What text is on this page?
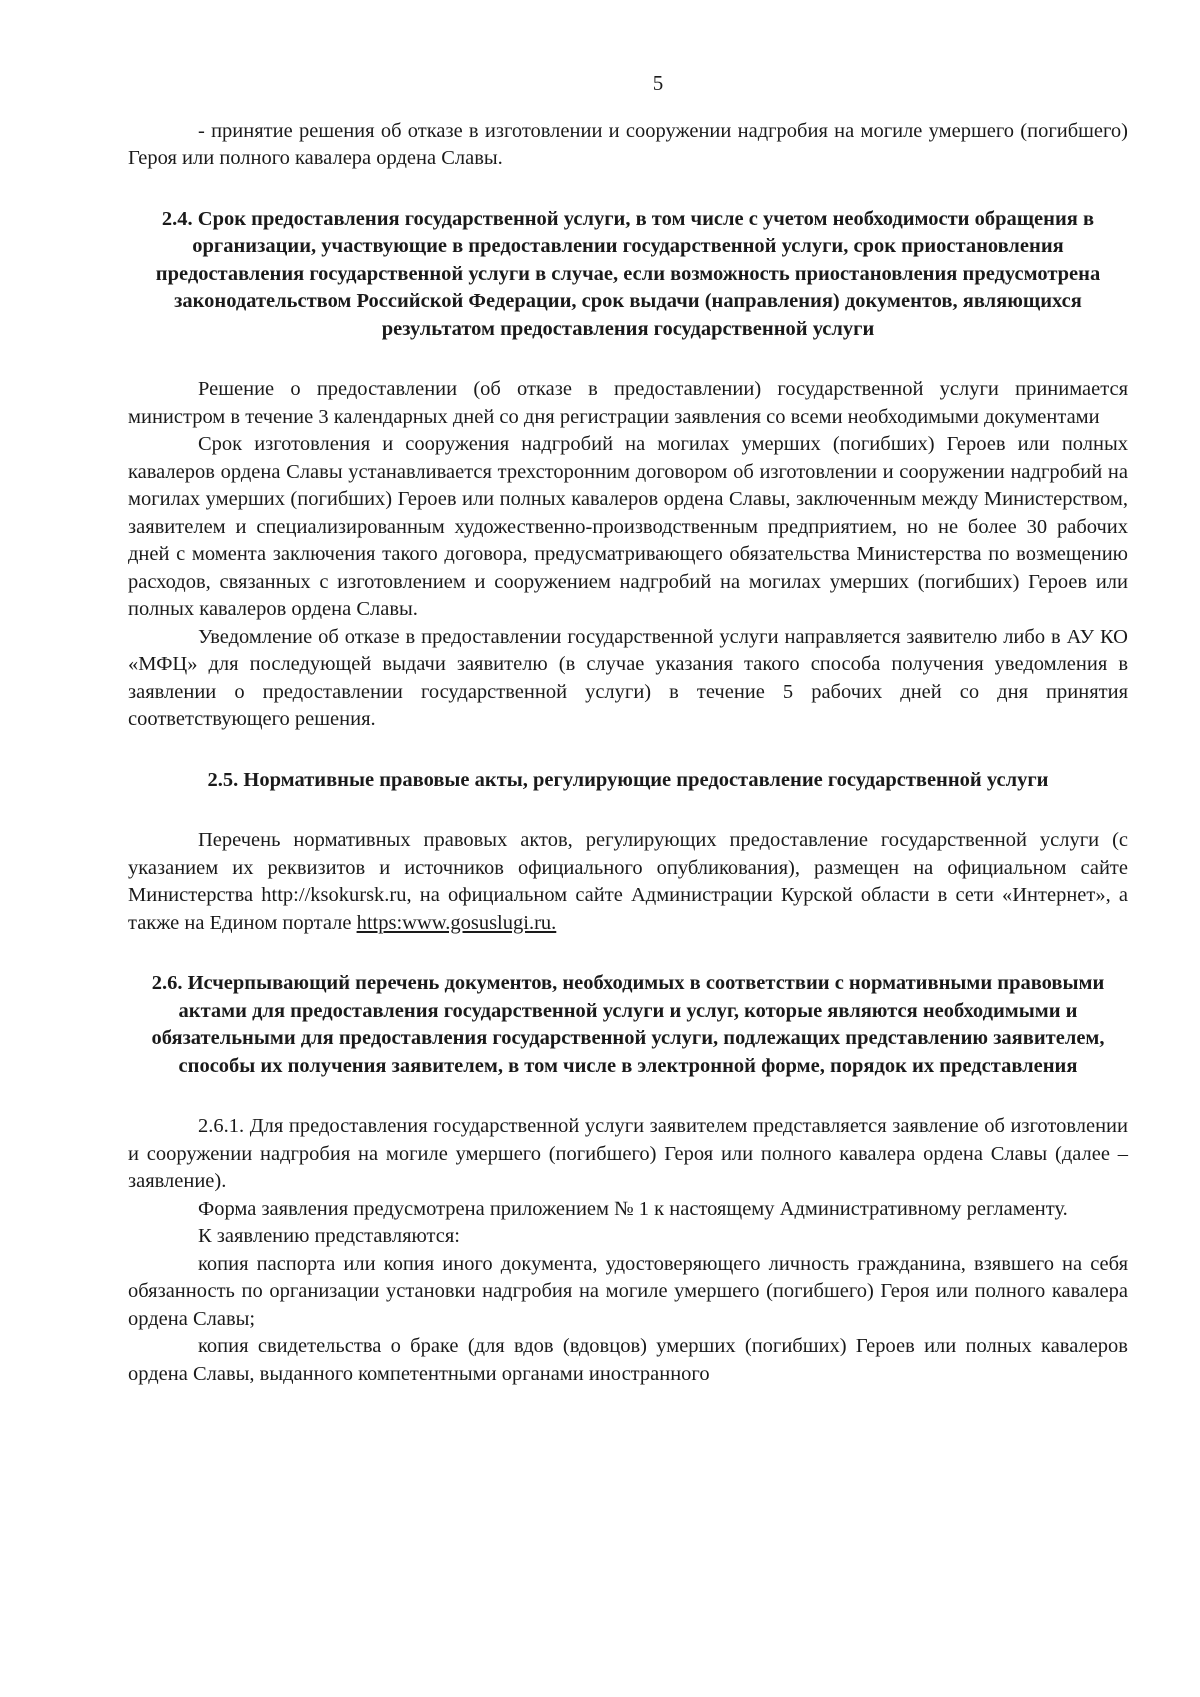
5

- принятие решения об отказе в изготовлении и сооружении надгробия на могиле умершего (погибшего) Героя или полного кавалера ордена Славы.

2.4. Срок предоставления государственной услуги, в том числе с учетом необходимости обращения в организации, участвующие в предоставлении государственной услуги, срок приостановления предоставления государственной услуги в случае, если возможность приостановления предусмотрена законодательством Российской Федерации, срок выдачи (направления) документов, являющихся результатом предоставления государственной услуги

Решение о предоставлении (об отказе в предоставлении) государственной услуги принимается министром в течение 3 календарных дней со дня регистрации заявления со всеми необходимыми документами

Срок изготовления и сооружения надгробий на могилах умерших (погибших) Героев или полных кавалеров ордена Славы устанавливается трехсторонним договором об изготовлении и сооружении надгробий на могилах умерших (погибших) Героев или полных кавалеров ордена Славы, заключенным между Министерством, заявителем и специализированным художественно-производственным предприятием, но не более 30 рабочих дней с момента заключения такого договора, предусматривающего обязательства Министерства по возмещению расходов, связанных с изготовлением и сооружением надгробий на могилах умерших (погибших) Героев или полных кавалеров ордена Славы.

Уведомление об отказе в предоставлении государственной услуги направляется заявителю либо в АУ КО «МФЦ» для последующей выдачи заявителю (в случае указания такого способа получения уведомления в заявлении о предоставлении государственной услуги) в течение 5 рабочих дней со дня принятия соответствующего решения.

2.5. Нормативные правовые акты, регулирующие предоставление государственной услуги

Перечень нормативных правовых актов, регулирующих предоставление государственной услуги (с указанием их реквизитов и источников официального опубликования), размещен на официальном сайте Министерства http://ksokursk.ru, на официальном сайте Администрации Курской области в сети «Интернет», а также на Едином портале https:www.gosuslugi.ru.

2.6. Исчерпывающий перечень документов, необходимых в соответствии с нормативными правовыми актами для предоставления государственной услуги и услуг, которые являются необходимыми и обязательными для предоставления государственной услуги, подлежащих представлению заявителем, способы их получения заявителем, в том числе в электронной форме, порядок их представления

2.6.1. Для предоставления государственной услуги заявителем представляется заявление об изготовлении и сооружении надгробия на могиле умершего (погибшего) Героя или полного кавалера ордена Славы (далее – заявление).

Форма заявления предусмотрена приложением № 1 к настоящему Административному регламенту.

К заявлению представляются:

копия паспорта или копия иного документа, удостоверяющего личность гражданина, взявшего на себя обязанность по организации установки надгробия на могиле умершего (погибшего) Героя или полного кавалера ордена Славы;

копия свидетельства о браке (для вдов (вдовцов) умерших (погибших) Героев или полных кавалеров ордена Славы, выданного компетентными органами иностранного
